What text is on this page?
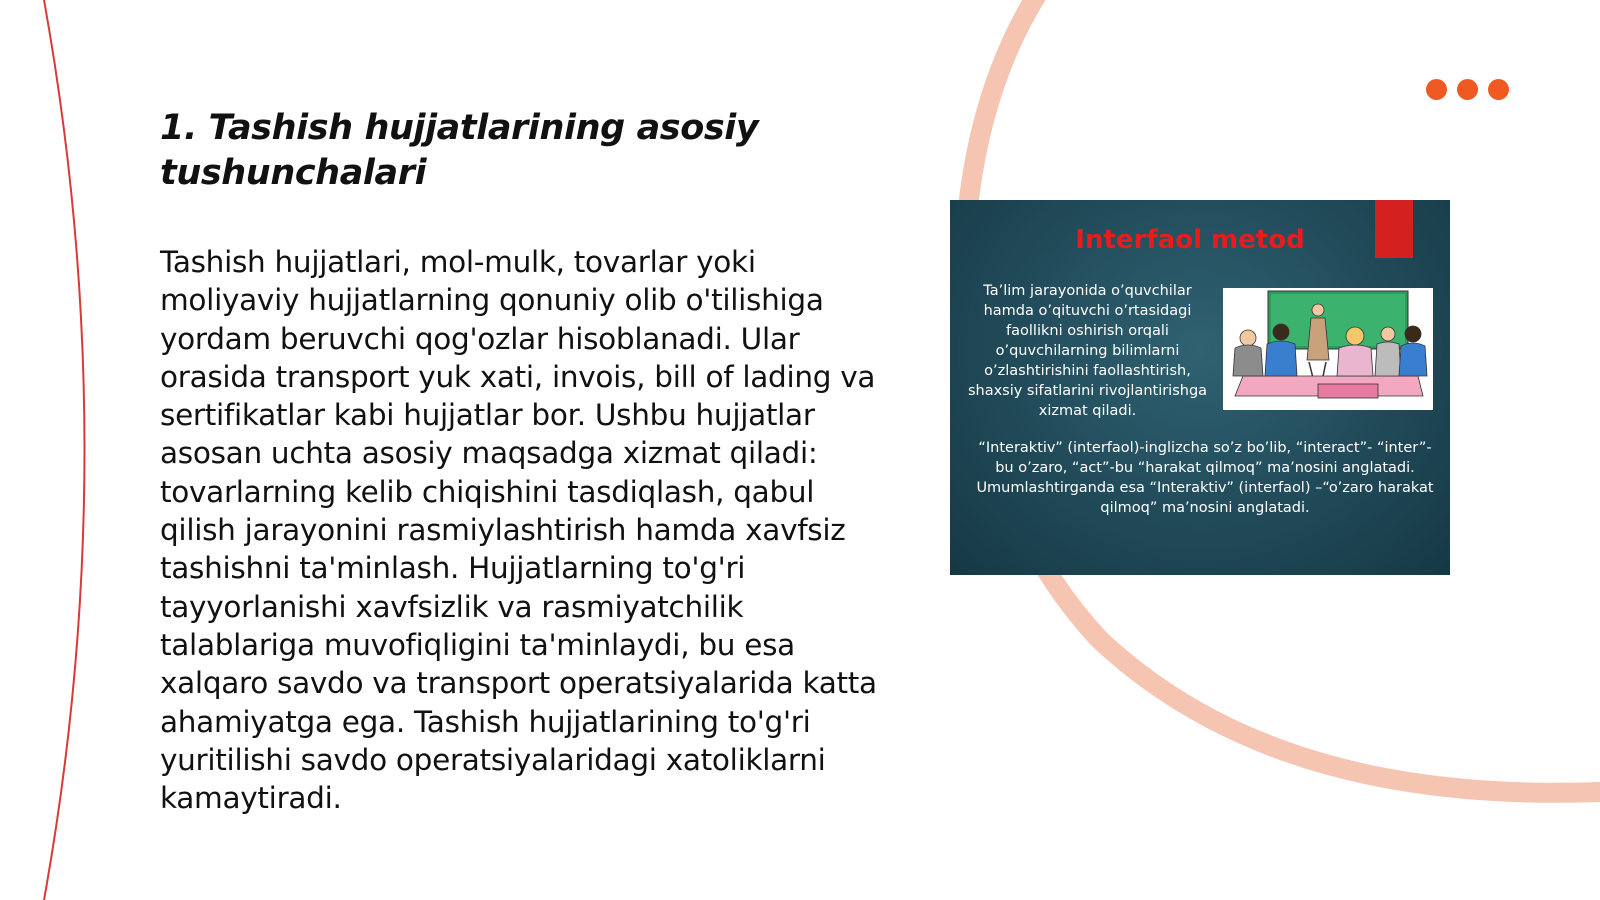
1. Tashish hujjatlarining asosiy tushunchalari

Tashish hujjatlari, mol-mulk, tovarlar yoki moliyaviy hujjatlarning qonuniy olib o'tilishiga yordam beruvchi qog'ozlar hisoblanadi. Ular orasida transport yuk xati, invois, bill of lading va sertifikatlar kabi hujjatlar bor. Ushbu hujjatlar asosan uchta asosiy maqsadga xizmat qiladi: tovarlarning kelib chiqishini tasdiqlash, qabul qilish jarayonini rasmiylashtirish hamda xavfsiz tashishni ta'minlash. Hujjatlarning to'g'ri tayyorlanishi xavfsizlik va rasmiyatchilik talablariga muvofiqligini ta'minlaydi, bu esa xalqaro savdo va transport operatsiyalarida katta ahamiyatga ega. Tashish hujjatlarining to'g'ri yuritilishi savdo operatsiyalaridagi xatoliklarni kamaytiradi.

Interfaol metod

Ta’lim jarayonida o’quvchilar hamda o’qituvchi o’rtasidagi faollikni oshirish orqali o’quvchilarning bilimlarni o’zlashtirishini faollashtirish, shaxsiy sifatlarini rivojlantirishga xizmat qiladi.

“Interaktiv” (interfaol)-inglizcha so’z bo’lib, “interact”- “inter”-bu o’zaro, “act”-bu “harakat qilmoq” ma’nosini anglatadi. Umumlashtirganda esa “Interaktiv” (interfaol) –“o’zaro harakat qilmoq” ma’nosini anglatadi.
